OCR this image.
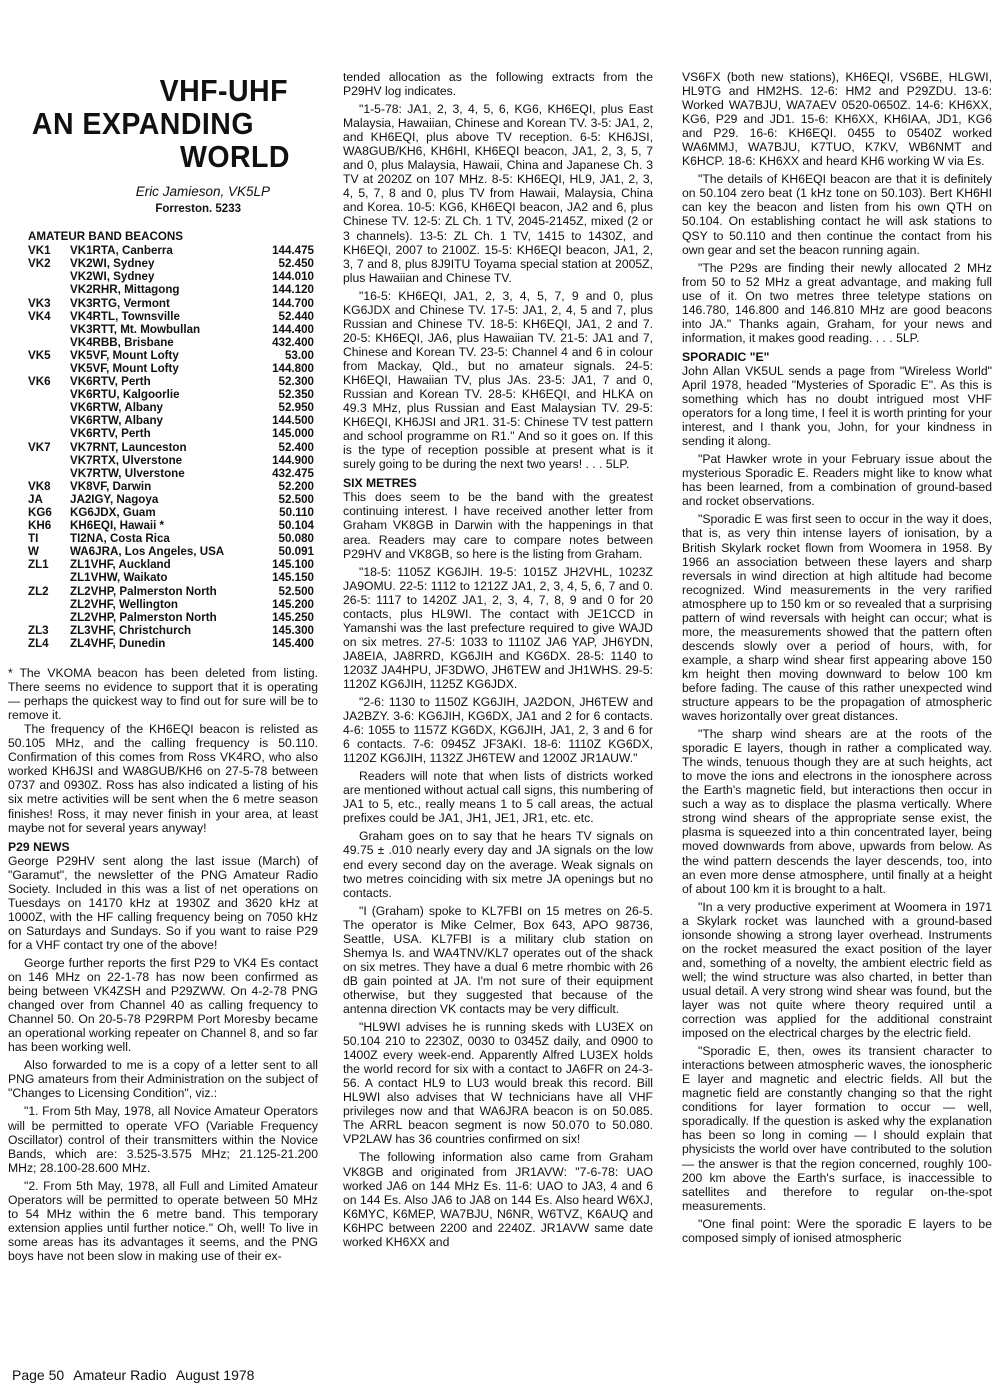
VHF-UHF
AN EXPANDING
WORLD
Eric Jamieson, VK5LP
Forreston. 5233
AMATEUR BAND BEACONS
VK1	VK1RTA, Canberra	144.475
VK2	VK2WI, Sydney	52.450
	VK2WI, Sydney	144.010
	VK2RHR, Mittagong	144.120
VK3	VK3RTG, Vermont	144.700
VK4	VK4RTL, Townsville	52.440
	VK3RTT, Mt. Mowbullan	144.400
	VK4RBB, Brisbane	432.400
VK5	VK5VF, Mount Lofty	53.00
	VK5VF, Mount Lofty	144.800
VK6	VK6RTV, Perth	52.300
	VK6RTU, Kalgoorlie	52.350
	VK6RTW, Albany	52.950
	VK6RTW, Albany	144.500
	VK6RTV, Perth	145.000
VK7	VK7RNT, Launceston	52.400
	VK7RTX, Ulverstone	144.900
	VK7RTW, Ulverstone	432.475
VK8	VK8VF, Darwin	52.200
JA	JA2IGY, Nagoya	52.500
KG6	KG6JDX, Guam	50.110
KH6	KH6EQI, Hawaii *	50.104
TI	TI2NA, Costa Rica	50.080
W	WA6JRA, Los Angeles, USA	50.091
ZL1	ZL1VHF, Auckland	145.100
	ZL1VHW, Waikato	145.150
ZL2	ZL2VHP, Palmerston North	52.500
	ZL2VHF, Wellington	145.200
	ZL2VHP, Palmerston North	145.250
ZL3	ZL3VHF, Christchurch	145.300
ZL4	ZL4VHF, Dunedin	145.400

* The VKOMA beacon has been deleted from listing. There seems no evidence to support that it is operating — perhaps the quickest way to find out for sure will be to remove it.

The frequency of the KH6EQI beacon is relisted as 50.105 MHz, and the calling frequency is 50.110. Confirmation of this comes from Ross VK4RO, who also worked KH6JSI and WA8GUB/KH6 on 27-5-78 between 0737 and 0930Z. Ross has also indicated a listing of his six metre activities will be sent when the 6 metre season finishes! Ross, it may never finish in your area, at least maybe not for several years anyway!

P29 NEWS

George P29HV sent along the last issue (March) of "Garamut", the newsletter of the PNG Amateur Radio Society. Included in this was a list of net operations on Tuesdays on 14170 kHz at 1930Z and 3620 kHz at 1000Z, with the HF calling frequency being on 7050 kHz on Saturdays and Sundays. So if you want to raise P29 for a VHF contact try one of the above!

George further reports the first P29 to VK4 Es contact on 146 MHz on 22-1-78 has now been confirmed as being between VK4ZSH and P29ZWW. On 4-2-78 PNG changed over from Channel 40 as calling frequency to Channel 50. On 20-5-78 P29RPM Port Moresby became an operational working repeater on Channel 8, and so far has been working well.

Also forwarded to me is a copy of a letter sent to all PNG amateurs from their Administration on the subject of "Changes to Licensing Condition", viz.:

"1. From 5th May, 1978, all Novice Amateur Operators will be permitted to operate VFO (Variable Frequency Oscillator) control of their transmitters within the Novice Bands, which are: 3.525-3.575 MHz; 21.125-21.200 MHz; 28.100-28.600 MHz.

"2. From 5th May, 1978, all Full and Limited Amateur Operators will be permitted to operate between 50 MHz to 54 MHz within the 6 metre band. This temporary extension applies until further notice." Oh, well! To live in some areas has its advantages it seems, and the PNG boys have not been slow in making use of their ex-

tended allocation as the following extracts from the P29HV log indicates.

"1-5-78: JA1, 2, 3, 4, 5, 6, KG6, KH6EQI, plus East Malaysia, Hawaiian, Chinese and Korean TV. 3-5: JA1, 2, and KH6EQI, plus above TV reception. 6-5: KH6JSI, WA8GUB/KH6, KH6HI, KH6EQI beacon, JA1, 2, 3, 5, 7 and 0, plus Malaysia, Hawaii, China and Japanese Ch. 3 TV at 2020Z on 107 MHz. 8-5: KH6EQI, HL9, JA1, 2, 3, 4, 5, 7, 8 and 0, plus TV from Hawaii, Malaysia, China and Korea. 10-5: KG6, KH6EQI beacon, JA2 and 6, plus Chinese TV. 12-5: ZL Ch. 1 TV, 2045-2145Z, mixed (2 or 3 channels). 13-5: ZL Ch. 1 TV, 1415 to 1430Z, and KH6EQI, 2007 to 2100Z. 15-5: KH6EQI beacon, JA1, 2, 3, 7 and 8, plus 8J9ITU Toyama special station at 2005Z, plus Hawaiian and Chinese TV.

"16-5: KH6EQI, JA1, 2, 3, 4, 5, 7, 9 and 0, plus KG6JDX and Chinese TV. 17-5: JA1, 2, 4, 5 and 7, plus Russian and Chinese TV. 18-5: KH6EQI, JA1, 2 and 7. 20-5: KH6EQI, JA6, plus Hawaiian TV. 21-5: JA1 and 7, Chinese and Korean TV. 23-5: Channel 4 and 6 in colour from Mackay, Qld., but no amateur signals. 24-5: KH6EQI, Hawaiian TV, plus JAs. 23-5: JA1, 7 and 0, Russian and Korean TV. 28-5: KH6EQI, and HLKA on 49.3 MHz, plus Russian and East Malaysian TV. 29-5: KH6EQI, KH6JSI and JR1. 31-5: Chinese TV test pattern and school programme on R1." And so it goes on. If this is the type of reception possible at present what is it surely going to be during the next two years! . . . 5LP.

SIX METRES

This does seem to be the band with the greatest continuing interest. I have received another letter from Graham VK8GB in Darwin with the happenings in that area. Readers may care to compare notes between P29HV and VK8GB, so here is the listing from Graham.

"18-5: 1105Z KG6JIH. 19-5: 1015Z JH2VHL, 1023Z JA9OMU. 22-5: 1112 to 1212Z JA1, 2, 3, 4, 5, 6, 7 and 0. 26-5: 1117 to 1420Z JA1, 2, 3, 4, 7, 8, 9 and 0 for 20 contacts, plus HL9WI. The contact with JE1CCD in Yamanshi was the last prefecture required to give WAJD on six metres. 27-5: 1033 to 1110Z JA6 YAP, JH6YDN, JA8EIA, JA8RRD, KG6JIH and KG6DX. 28-5: 1140 to 1203Z JA4HPU, JF3DWO, JH6TEW and JH1WHS. 29-5: 1120Z KG6JIH, 1125Z KG6JDX.

"2-6: 1130 to 1150Z KG6JIH, JA2DON, JH6TEW and JA2BZY. 3-6: KG6JIH, KG6DX, JA1 and 2 for 6 contacts. 4-6: 1055 to 1157Z KG6DX, KG6JIH, JA1, 2, 3 and 6 for 6 contacts. 7-6: 0945Z JF3AKI. 18-6: 1110Z KG6DX, 1120Z KG6JIH, 1132Z JH6TEW and 1200Z JR1AUW."

Readers will note that when lists of districts worked are mentioned without actual call signs, this numbering of JA1 to 5, etc., really means 1 to 5 call areas, the actual prefixes could be JA1, JH1, JE1, JR1, etc. etc.

Graham goes on to say that he hears TV signals on 49.75 ± .010 nearly every day and JA signals on the low end every second day on the average. Weak signals on two metres coinciding with six metre JA openings but no contacts.

"I (Graham) spoke to KL7FBI on 15 metres on 26-5. The operator is Mike Celmer, Box 643, APO 98736, Seattle, USA. KL7FBI is a military club station on Shemya Is. and WA4TNV/KL7 operates out of the shack on six metres. They have a dual 6 metre rhombic with 26 dB gain pointed at JA. I'm not sure of their equipment otherwise, but they suggested that because of the antenna direction VK contacts may be very difficult.

"HL9WI advises he is running skeds with LU3EX on 50.104 210 to 2230Z, 0030 to 0345Z daily, and 0900 to 1400Z every week-end. Apparently Alfred LU3EX holds the world record for six with a contact to JA6FR on 24-3-56. A contact HL9 to LU3 would break this record. Bill HL9WI also advises that W technicians have all VHF privileges now and that WA6JRA beacon is on 50.085. The ARRL beacon segment is now 50.070 to 50.080. VP2LAW has 36 countries confirmed on six!

The following information also came from Graham VK8GB and originated from JR1AVW: "7-6-78: UAO worked JA6 on 144 MHz Es. 11-6: UAO to JA3, 4 and 6 on 144 Es. Also JA6 to JA8 on 144 Es. Also heard W6XJ, K6MYC, K6MEP, WA7BJU, N6NR, W6TVZ, K6AUQ and K6HPC between 2200 and 2240Z. JR1AVW same date worked KH6XX and

VS6FX (both new stations), KH6EQI, VS6BE, HLGWI, HL9TG and HM2HS. 12-6: HM2 and P29ZDU. 13-6: Worked WA7BJU, WA7AEV 0520-0650Z. 14-6: KH6XX, KG6, P29 and JD1. 15-6: KH6XX, KH6IAA, JD1, KG6 and P29. 16-6: KH6EQI. 0455 to 0540Z worked WA6MMJ, WA7BJU, K7TUO, K7KV, WB6NMT and K6HCP. 18-6: KH6XX and heard KH6 working W via Es.

"The details of KH6EQI beacon are that it is definitely on 50.104 zero beat (1 kHz tone on 50.103). Bert KH6HI can key the beacon and listen from his own QTH on 50.104. On establishing contact he will ask stations to QSY to 50.110 and then continue the contact from his own gear and set the beacon running again.

"The P29s are finding their newly allocated 2 MHz from 50 to 52 MHz a great advantage, and making full use of it. On two metres three teletype stations on 146.780, 146.800 and 146.810 MHz are good beacons into JA." Thanks again, Graham, for your news and information, it makes good reading. . . . 5LP.

SPORADIC "E"

John Allan VK5UL sends a page from "Wireless World" April 1978, headed "Mysteries of Sporadic E". As this is something which has no doubt intrigued most VHF operators for a long time, I feel it is worth printing for your interest, and I thank you, John, for your kindness in sending it along.

"Pat Hawker wrote in your February issue about the mysterious Sporadic E. Readers might like to know what has been learned, from a combination of ground-based and rocket observations.

"Sporadic E was first seen to occur in the way it does, that is, as very thin intense layers of ionisation, by a British Skylark rocket flown from Woomera in 1958. By 1966 an association between these layers and sharp reversals in wind direction at high altitude had become recognized. Wind measurements in the very rarified atmosphere up to 150 km or so revealed that a surprising pattern of wind reversals with height can occur; what is more, the measurements showed that the pattern often descends slowly over a period of hours, with, for example, a sharp wind shear first appearing above 150 km height then moving downward to below 100 km before fading. The cause of this rather unexpected wind structure appears to be the propagation of atmospheric waves horizontally over great distances.

"The sharp wind shears are at the roots of the sporadic E layers, though in rather a complicated way. The winds, tenuous though they are at such heights, act to move the ions and electrons in the ionosphere across the Earth's magnetic field, but interactions then occur in such a way as to displace the plasma vertically. Where strong wind shears of the appropriate sense exist, the plasma is squeezed into a thin concentrated layer, being moved downwards from above, upwards from below. As the wind pattern descends the layer descends, too, into an even more dense atmosphere, until finally at a height of about 100 km it is brought to a halt.

"In a very productive experiment at Woomera in 1971 a Skylark rocket was launched with a ground-based ionsonde showing a strong layer overhead. Instruments on the rocket measured the exact position of the layer and, something of a novelty, the ambient electric field as well; the wind structure was also charted, in better than usual detail. A very strong wind shear was found, but the layer was not quite where theory required until a correction was applied for the additional constraint imposed on the electrical charges by the electric field.

"Sporadic E, then, owes its transient character to interactions between atmospheric waves, the ionospheric E layer and magnetic and electric fields. All but the magnetic field are constantly changing so that the right conditions for layer formation to occur — well, sporadically. If the question is asked why the explanation has been so long in coming — I should explain that physicists the world over have contributed to the solution — the answer is that the region concerned, roughly 100-200 km above the Earth's surface, is inaccessible to satellites and therefore to regular on-the-spot measurements.

"One final point: Were the sporadic E layers to be composed simply of ionised atmospheric

Page 50 Amateur Radio August 1978
